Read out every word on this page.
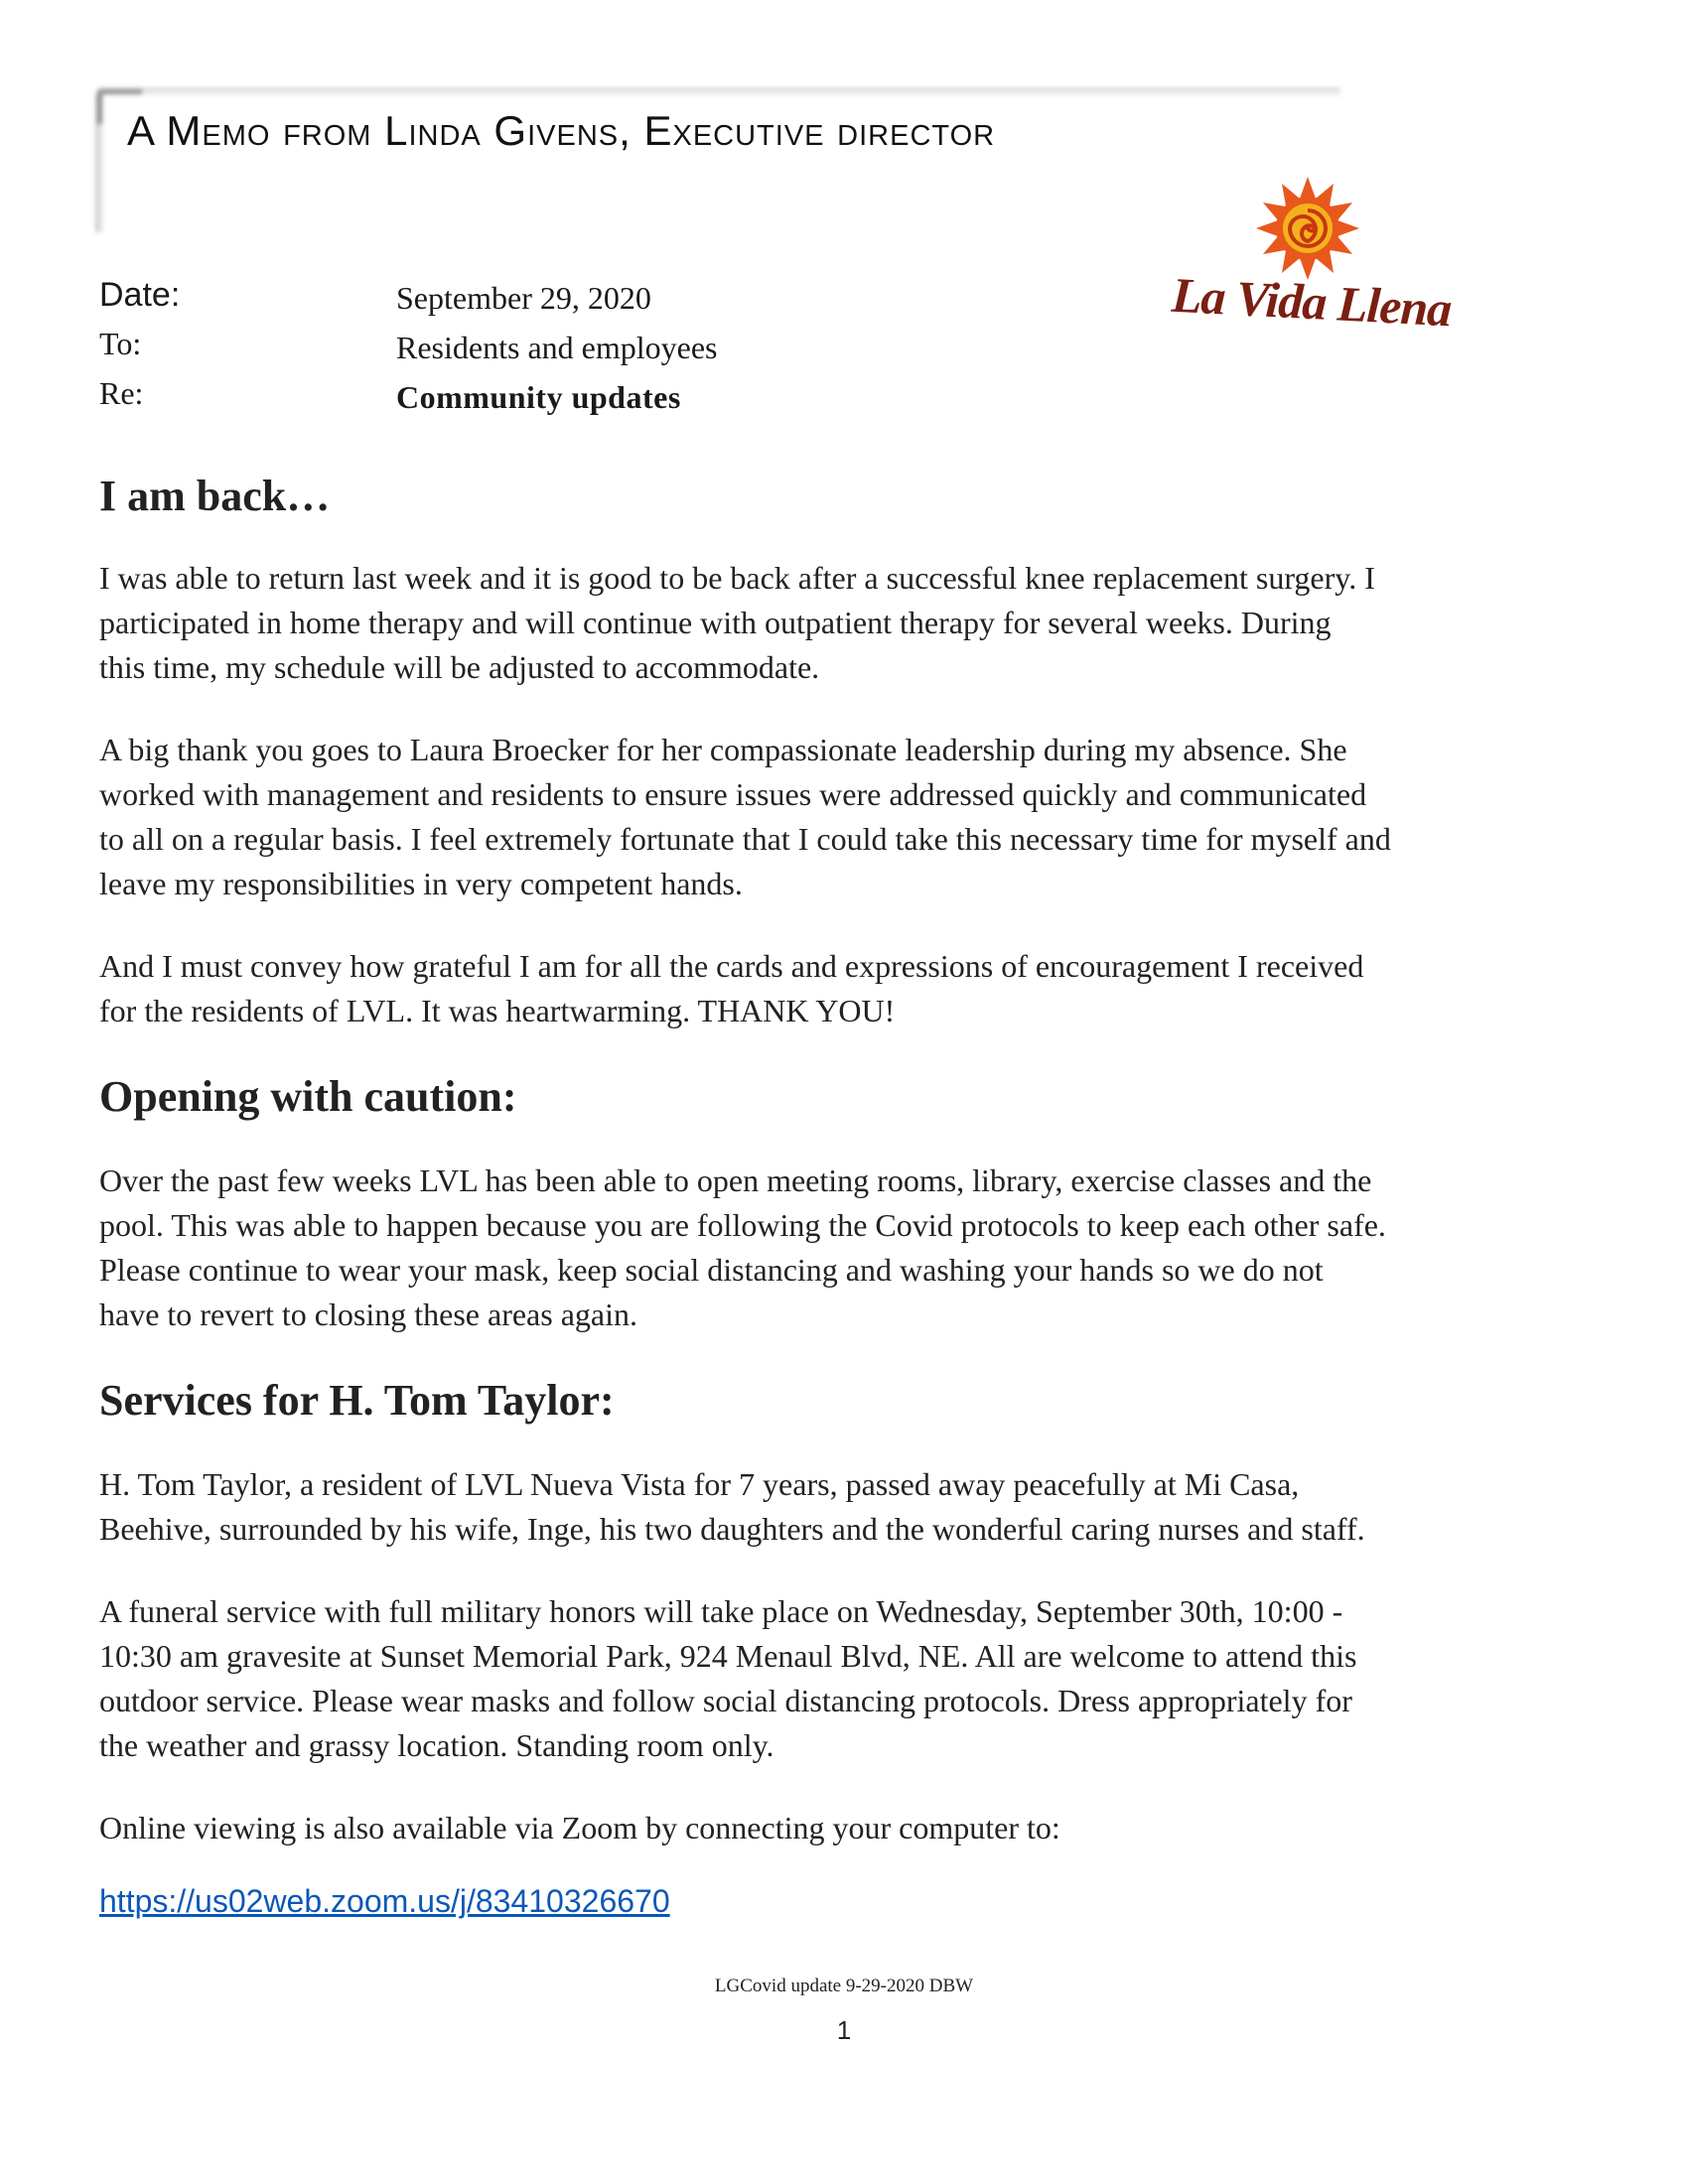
A Memo from Linda Givens, Executive director
La Vida Llena
Date:	September 29, 2020
To:	Residents and employees
Re:	Community updates
I am back…

I was able to return last week and it is good to be back after a successful knee replacement surgery. I
participated in home therapy and will continue with outpatient therapy for several weeks. During
this time, my schedule will be adjusted to accommodate.

A big thank you goes to Laura Broecker for her compassionate leadership during my absence. She
worked with management and residents to ensure issues were addressed quickly and communicated
to all on a regular basis. I feel extremely fortunate that I could take this necessary time for myself and
leave my responsibilities in very competent hands.

And I must convey how grateful I am for all the cards and expressions of encouragement I received
for the residents of LVL. It was heartwarming. THANK YOU!

Opening with caution:

Over the past few weeks LVL has been able to open meeting rooms, library, exercise classes and the
pool. This was able to happen because you are following the Covid protocols to keep each other safe.
Please continue to wear your mask, keep social distancing and washing your hands so we do not
have to revert to closing these areas again.

Services for H. Tom Taylor:

H. Tom Taylor, a resident of LVL Nueva Vista for 7 years, passed away peacefully at Mi Casa,
Beehive, surrounded by his wife, Inge, his two daughters and the wonderful caring nurses and staff.

A funeral service with full military honors will take place on Wednesday, September 30th, 10:00 -
10:30 am gravesite at Sunset Memorial Park, 924 Menaul Blvd, NE. All are welcome to attend this
outdoor service. Please wear masks and follow social distancing protocols. Dress appropriately for
the weather and grassy location. Standing room only.

Online viewing is also available via Zoom by connecting your computer to:

https://us02web.zoom.us/j/83410326670
LGCovid update 9-29-2020 DBW
1
